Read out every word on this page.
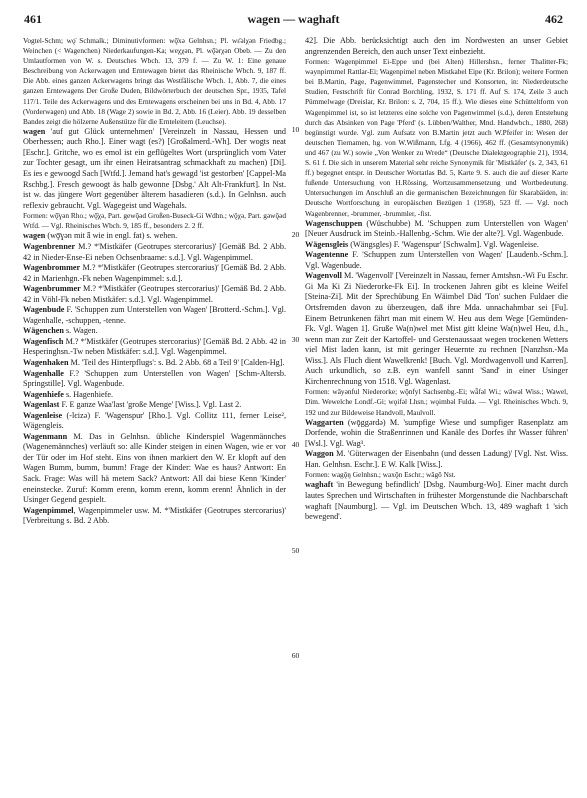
461	wagen — waghaft	462

Vogtel-Schm; wǫ̈ Schmalk.; Diminutivformen: wǭ̈xə Gelnhsn.; Pl. wɛ̄əlχən Friedbg.; Weinchen (< Wagenchen) Niederkaufungen-Ka; weχχən, Pl. wǭ̈ərχən Obeb. — Zu den Umlautformen von W. s. Deutsches Wbch. 13, 379 f. — Zu W. 1: Eine genaue Beschreibung von Ackerwagen und Erntewagen bietet das Rheinische Wbch. 9, 187 ff. Die Abb. eines ganzen Ackerwagens bringt das Westfälische Wbch. 1, Abb. 7, die eines ganzen Erntewagens Der Große Duden, Bildwörterbuch der deutschen Spr., 1935, Tafel 117/1. Teile des Ackerwagens und des Erntewagens erscheinen bei uns in Bd. 4, Abb. 17 (Vorderwagen) und Abb. 18 (Wage 2) sowie in Bd. 2, Abb. 16 (Leier). Abb. 19 desselben Bandes zeigt die hölzerne Außenstütze für die Ernteleitern (Leuchse).

wagen 'auf gut Glück unternehmen' [Vereinzelt in Nassau, Hessen und Oberhessen; auch Rho.]. Einer wagt (es?) [Großalmerd.-Wh]. Der wogts neat [Eschr.]. Gritche, wo es emol ist ein geflügeltes Wort (ursprünglich vom Vater zur Tochter gesagt, um ihr einen Heiratsantrag schmackhaft zu machen) [Di]. Es ies e gewoogd Sach [Wtfd.]. Jemand hat's gewagd 'ist gestorben' [Cappel-Ma Rschbg.]. Fresch gewoogt äs halb gewonne [Dsbg.' Alt Alt-Frankfurt]. In Nst. ist w. das jüngere Wort gegenüber älterem hasadieren (s.d.). In Gelnhsn. auch reflexiv gebraucht. Vgl. Wagegeist und Wagehals.

Formen: wǭ̄ɣən Rho.; wǭ̄χə, Part. gewǭəd Großen-Buseck-Gi Wdhn.; wǭχə, Part. gəwǭəd Wtfd. — Vgl. Rheinisches Wbch. 9, 185 ff., besonders 2. 2 ff.

wagen (wǭ̄ɣən mit ǟ wie in engl. fat) s. wehen.

Wagenbrenner M.? *'Mistkäfer (Geotrupes stercorarius)' [Gemäß Bd. 2 Abb. 42 in Nieder-Ense-Ei neben Ochsenbraame: s.d.]. Vgl. Wagenpimmel.

Wagenbrommer M.? *'Mistkäfer (Geotrupes stercorarius)' [Gemäß Bd. 2 Abb. 42 in Marienhgn.-Fk neben Wagenpimmel: s.d.].

Wagenbrummer M.? *'Mistkäfer (Geotrupes stercorarius)' [Gemäß Bd. 2 Abb. 42 in Vöhl-Fk neben Mistkäfer: s.d.]. Vgl. Wagenpimmel.

Wagenbude F. 'Schuppen zum Unterstellen von Wagen' [Brotterd.-Schm.]. Vgl. Wagenhalle, -schuppen, -tenne.

Wägenchen s. Wagen.

Wagenfisch M.? *'Mistkäfer (Geotrupes stercorarius)' [Gemäß Bd. 2 Abb. 42 in Hesperinghsn.-Tw neben Mistkäfer: s.d.]. Vgl. Wagenpimmel.

Wagenhaken M. 'Teil des Hinterpflugs': s. Bd. 2 Abb. 68 a Teil 9' [Calden-Hg].

Wagenhalle F.? 'Schuppen zum Unterstellen von Wagen' [Schm-Altersb. Springstille]. Vgl. Wagenbude.

Wagenhiefe s. Hagenhiefe.

Wagenlast F. E ganze Waa'last 'große Menge' [Wiss.]. Vgl. Last 2.

Wagenleise (-lєizə) F. 'Wagenspur' [Rho.]. Vgl. Collitz 111, ferner Leise², Wägengleis.

Wagenmann M. Das in Gelnhsn. übliche Kinderspiel Wagenmännches (Wagenemännches) verläuft so: alle Kinder steigen in einen Wagen, wie er vor der Tür oder im Hof steht. Eins von ihnen markiert den W. Er klopft auf den Wagen Bumm, bumm, bumm! Frage der Kinder: Wae es haus? Antwort: En Sack. Frage: Was will hä metem Sack? Antwort: All dai biese Kenn 'Kinder' eneinstecke. Zuruf: Komm erenn, komm erenn, komm erenn! Ähnlich in der Usinger Gegend gespielt.

Wagenpimmel, Wagenpimmeler usw. M. *'Mistkäfer (Geotrupes stercorarius)' [Verbreitung s. Bd. 2 Abb.

10
20
30
40
50
60

42]. Die Abb. berücksichtigt auch den im Nordwesten an unser Gebiet angrenzenden Bereich, den auch unser Text einbezieht.

Formen: Wagenpimmel Ei-Eppe und (bei Alten) Hillershsn., ferner Thalitter-Fk; waynpirmmel Rattlar-Ei; Wagenpimel neben Mistkabel Eipe (Kr. Brilon); weitere Formen bei B.Martin, Page, Pagenwimmel, Pagenstecher und Konsorten, in: Niederdeutsche Studien, Festschrift für Conrad Borchling, 1932, S. 171 ff. Auf S. 174, Zeile 3 auch Pümmelwage (Dreislar, Kr. Brilon: s. 2, 704, 15 ff.). Wie dieses eine Schütteltform von Wagenpimmel ist, so ist letzteres eine solche von Pagenwimmel (s.d.), deren Entstehung durch das Absinken von Page 'Pferd' (s. Lübben/Walther, Mnd. Handwbch., 1880, 268) begünstigt wurde. Vgl. zum Aufsatz von B.Martin jetzt auch W.Pfeifer in: Wesen der deutschen Tiernamen, hg. von W.Wißmann, Lfg. 4 (1966), 462 ff. (Gesamtsynonymik) und 467 (zu W.) sowie „Von Wenker zu Wrede“ (Deutsche Dialektgeographie 21), 1934, S. 61 f. Die sich in unserem Material sehr reiche Synonymik für 'Mistkäfer' (s. 2, 343, 61 ff.) begegnet entspr. in Deutscher Wortatlas Bd. 5, Karte 9. S. auch die auf dieser Karte fußende Untersuchung von H.Rössing, Wortzusammensetzung und Wortbedeutung. Untersuchungen im Anschluß an die germanischen Bezeichnungen für Skarabäiden, in: Deutsche Wortforschung in europäischen Bezügen 1 (1958), 523 ff. — Vgl. noch Wagenbrenner, -brummer, -brummler, -fist.

Wagenschuppen (Wüschubbe) M. 'Schuppen zum Unterstellen von Wagen' [Neuer Ausdruck im Steinb.-Hallenbg.-Schm. Wie der alte?]. Vgl. Wagenbude.

Wägensgleis (Wängsgles) F. 'Wagenspur' [Schwalm]. Vgl. Wagenleise.

Wagentenne F. 'Schuppen zum Unterstellen von Wagen' [Laudenb.-Schm.]. Vgl. Wagenbude.

Wagenvoll M. 'Wagenvoll' [Vereinzelt in Nassau, ferner Amtshsn.-Wi Fu Eschr. Gi Ma Ki Zi Niederorke-Fk Ei]. In trockenen Jahren gibt es kleine Weifel [Steina-Zi]. Mit der Sprechübung En Wäimbel Däd 'Ton' suchen Fuldaer die Ortsfremden davon zu überzeugen, daß ihre Mda. unnachahmbar sei [Fu]. Einem Betrunkenen fährt man mit einem W. Heu aus dem Wege [Gemünden-Fk. Vgl. Wagen 1]. Gruße Wa(n)wel met Mist gitt kleine Wa(n)wel Heu, d.h., wenn man zur Zeit der Kartoffel- und Gerstenaussaat wegen trockenen Wetters viel Mist laden kann, ist mit geringer Heuernte zu rechnen [Nanzhsn.-Ma Wiss.]. Als Fluch dient Wawelkrenk! [Buch. Vgl. Mordwagenvoll und Karren]. Auch urkundlich, so z.B. eyn wanfell sannt 'Sand' in einer Usinger Kirchenrechnung von 1518. Vgl. Wagenlast.

Formen: wāyənful Niederorke; wǭnfyl Sachsenbg.-Ei; wǟfəl Wi.; wāwəl Wiss.; Wawel, Dim. Wewelche Londf.-Gi; wǫifəl Lhsn.; wǫimbəl Fulda. — Vgl. Rheinisches Wbch. 9, 192 und zur Bildeweise Handvoll, Maulvoll.

Waggarten (wǭggərdə) M. 'sumpfige Wiese und sumpfiger Rasenplatz am Dorfende, wohin die Straßenrinnen und Kanäle des Dorfes ihr Wasser führen' [Wsl.]. Vgl. Wag³.

Waggon M. 'Güterwagen der Eisenbahn (und dessen Ladung)' [Vgl. Nst. Wiss. Han. Gelnhsn. Eschr.]. E W. Kalk [Wiss.].

Formen: wagǭŋ Gelnhsn.; waxǭn Eschr.; wāgō Nst.

waghaft 'in Bewegung befindlich' [Dsbg. Naumburg-Wo]. Einer macht durch lautes Sprechen und Wirtschaften in frühester Morgenstunde die Nachbarschaft waghaft [Naumburg]. — Vgl. im Deutschen Wbch. 13, 489 waghaft 1 'sich bewegend'.
